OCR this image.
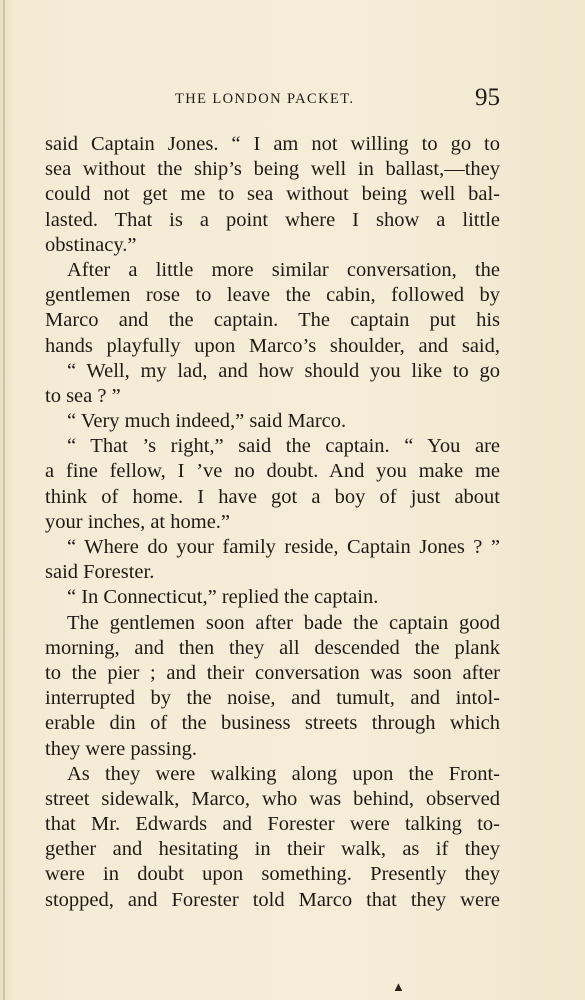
THE LONDON PACKET.	95
said Captain Jones. “ I am not willing to go to
sea without the ship’s being well in ballast,—they
could not get me to sea without being well bal-
lasted. That is a point where I show a little
obstinacy.”
After a little more similar conversation, the
gentlemen rose to leave the cabin, followed by
Marco and the captain. The captain put his
hands playfully upon Marco’s shoulder, and said,
“ Well, my lad, and how should you like to go
to sea ? ”
“ Very much indeed,” said Marco.
“ That ’s right,” said the captain. “ You are
a fine fellow, I ’ve no doubt. And you make me
think of home. I have got a boy of just about
your inches, at home.”
“ Where do your family reside, Captain Jones ? ”
said Forester.
“ In Connecticut,” replied the captain.
The gentlemen soon after bade the captain good
morning, and then they all descended the plank
to the pier ; and their conversation was soon after
interrupted by the noise, and tumult, and intol-
erable din of the business streets through which
they were passing.
As they were walking along upon the Front-
street sidewalk, Marco, who was behind, observed
that Mr. Edwards and Forester were talking to-
gether and hesitating in their walk, as if they
were in doubt upon something. Presently they
stopped, and Forester told Marco that they were
▲
